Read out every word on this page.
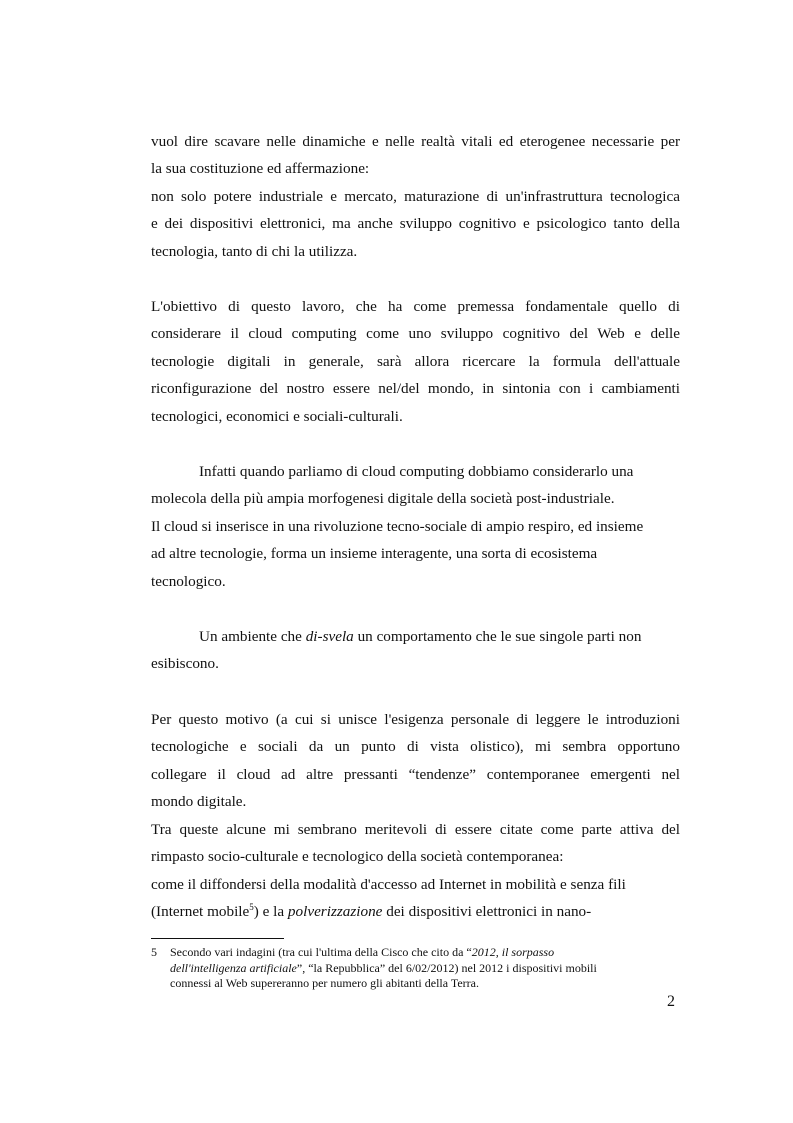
vuol dire scavare nelle dinamiche e nelle realtà vitali ed eterogenee necessarie per
la sua costituzione ed affermazione:
non solo potere industriale e mercato, maturazione di un'infrastruttura tecnologica
e dei dispositivi elettronici, ma anche sviluppo cognitivo e psicologico tanto della
tecnologia, tanto di chi la utilizza.
L'obiettivo di questo lavoro, che ha come premessa fondamentale quello di
considerare il cloud computing come uno sviluppo cognitivo del Web e delle
tecnologie digitali in generale, sarà allora ricercare la formula dell'attuale
riconfigurazione del nostro essere nel/del mondo, in sintonia con i cambiamenti
tecnologici, economici e sociali-culturali.
Infatti quando parliamo di cloud computing dobbiamo considerarlo una
molecola della più ampia morfogenesi digitale della società post-industriale.
Il cloud si inserisce in una rivoluzione tecno-sociale di ampio respiro, ed insieme
ad altre tecnologie, forma un insieme interagente, una sorta di ecosistema
tecnologico.
Un ambiente che di-svela un comportamento che le sue singole parti non
esibiscono.
Per questo motivo (a cui si unisce l'esigenza personale di leggere le introduzioni
tecnologiche e sociali da un punto di vista olistico), mi sembra opportuno
collegare il cloud ad altre pressanti “tendenze” contemporanee emergenti nel
mondo digitale.
Tra queste alcune mi sembrano meritevoli di essere citate come parte attiva del
rimpasto socio-culturale e tecnologico della società contemporanea:
come il diffondersi della modalità d'accesso ad Internet in mobilità e senza fili
(Internet mobile$^5$) e la polverizzazione dei dispositivi elettronici in nano-
5 Secondo vari indagini (tra cui l'ultima della Cisco che cito da “2012, il sorpasso
dell'intelligenza artificiale”, “la Repubblica” del 6/02/2012) nel 2012 i dispositivi mobili
connessi al Web supereranno per numero gli abitanti della Terra.
2
